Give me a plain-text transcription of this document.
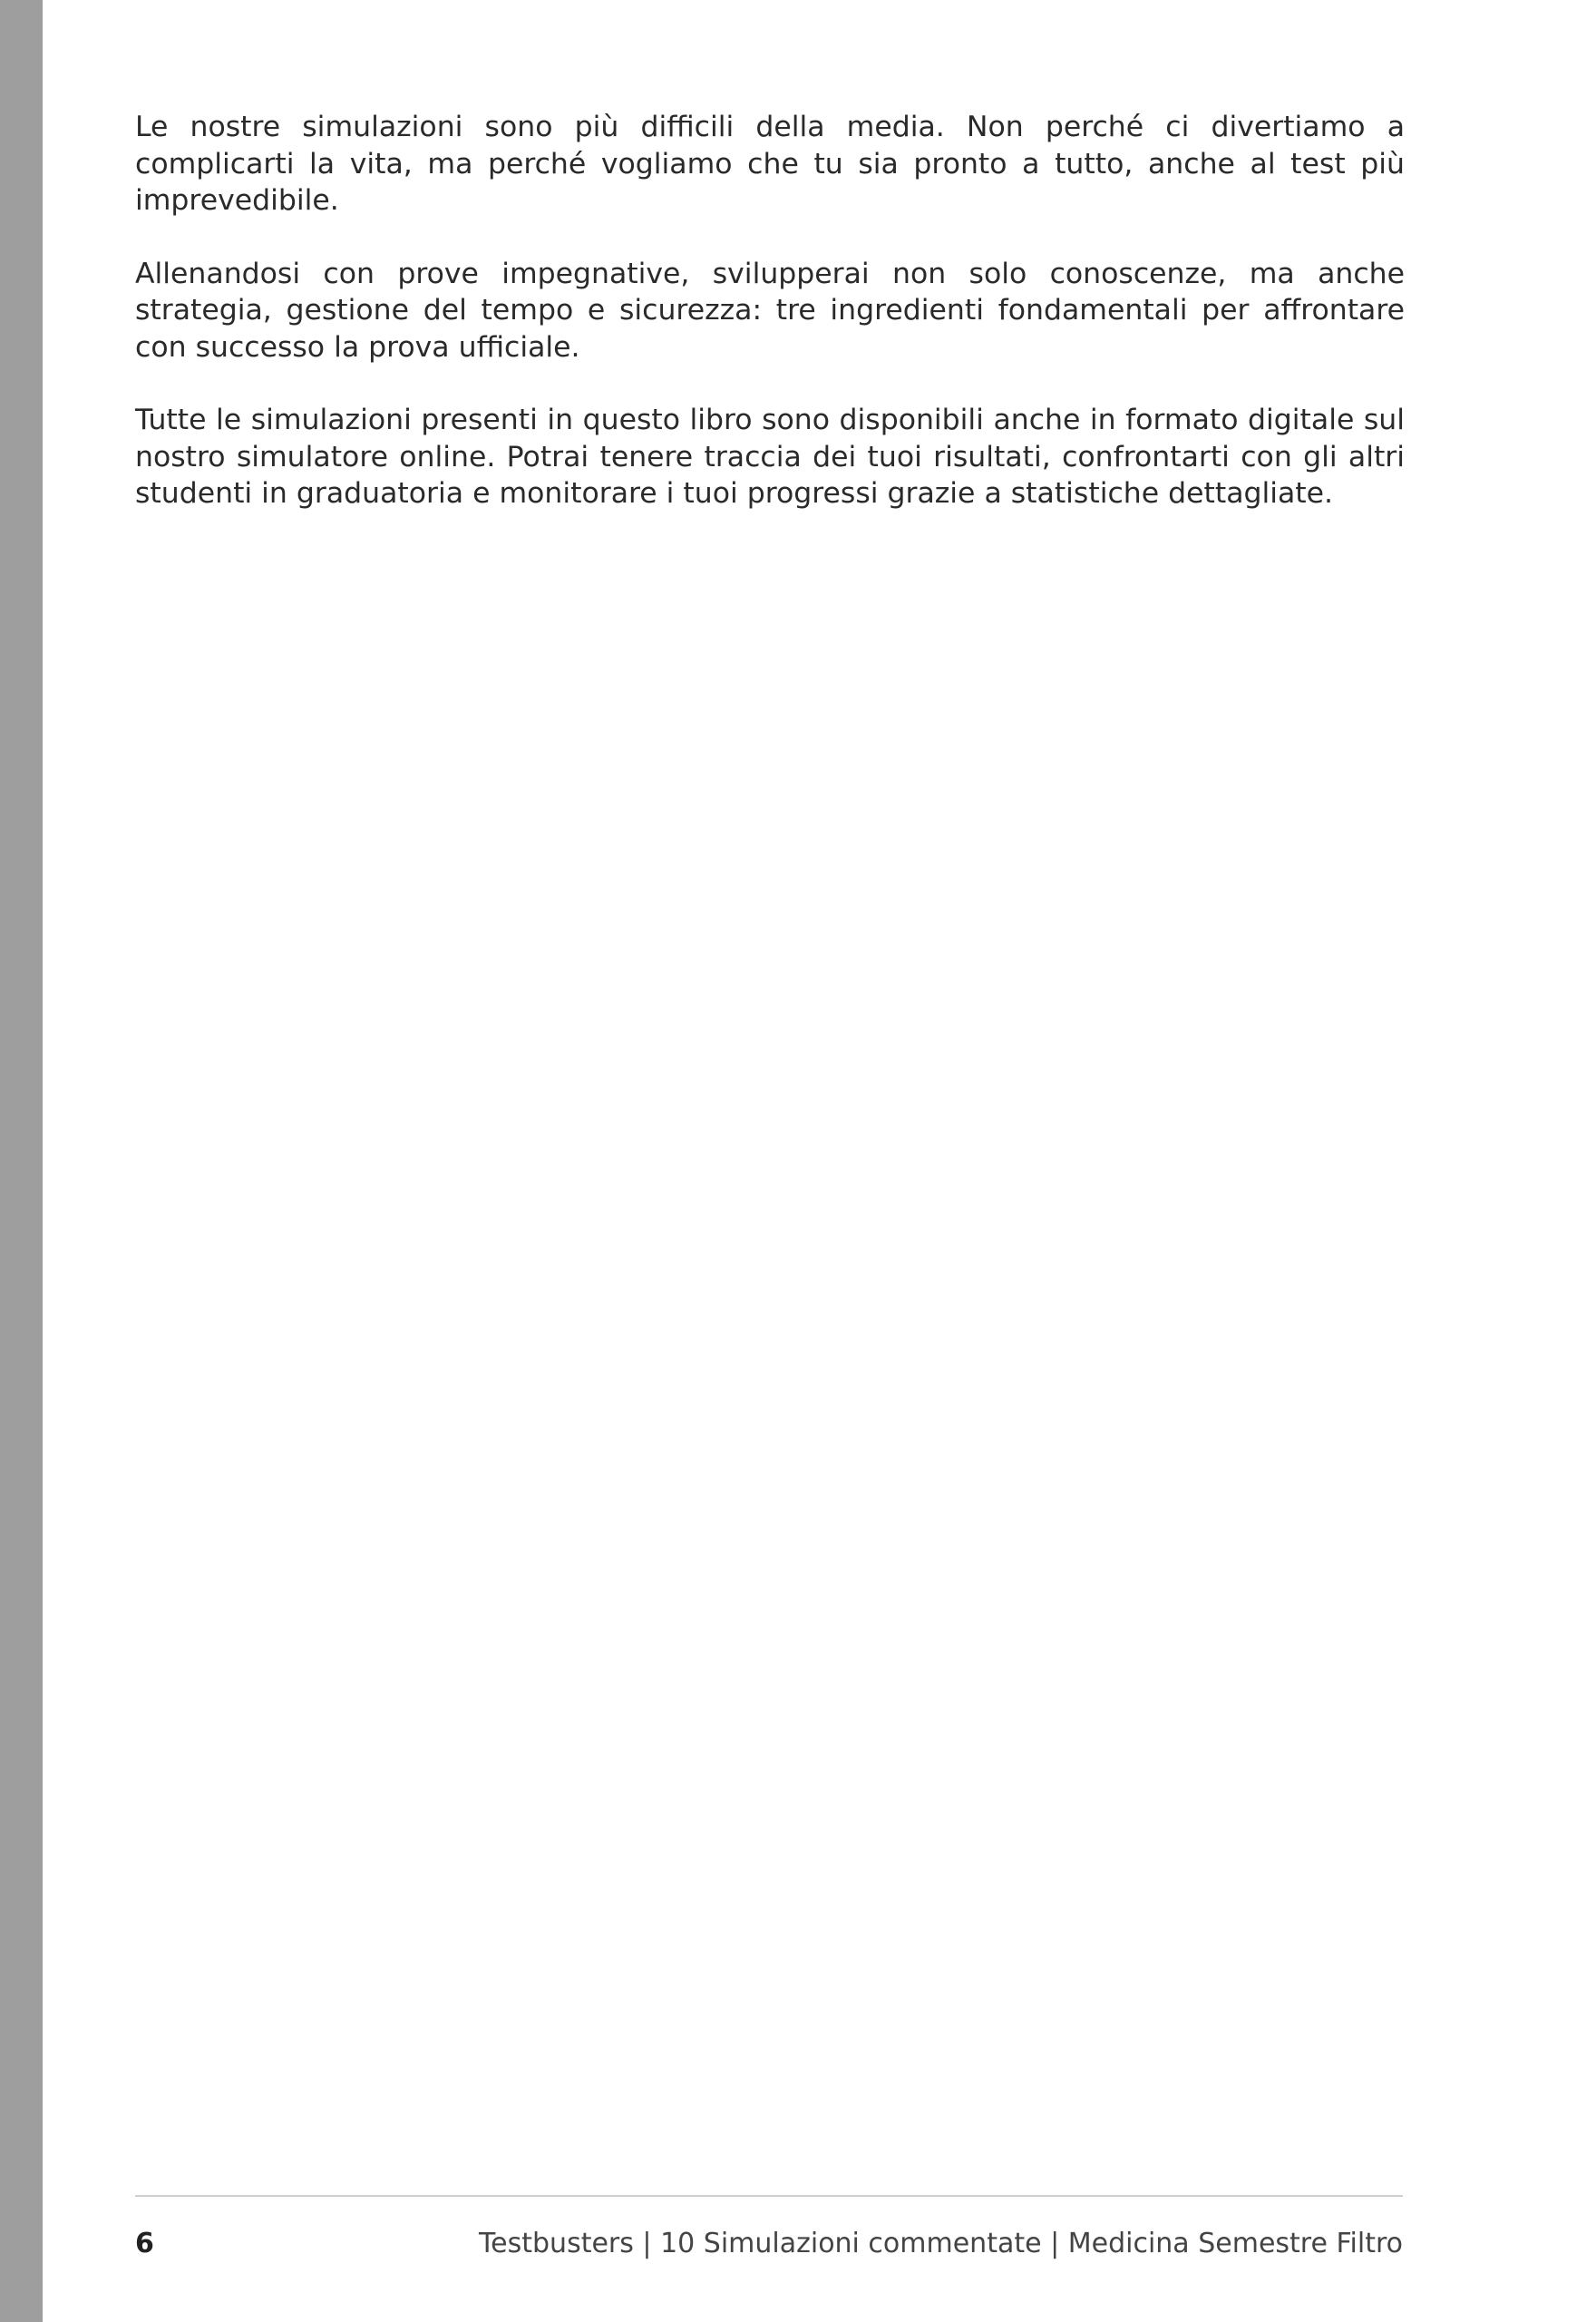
Le nostre simulazioni sono più difficili della media. Non perché ci divertiamo a complicarti la vita, ma perché vogliamo che tu sia pronto a tutto, anche al test più imprevedibile.

Allenandosi con prove impegnative, svilupperai non solo conoscenze, ma anche strategia, gestione del tempo e sicurezza: tre ingredienti fondamentali per affrontare con successo la prova ufficiale.

Tutte le simulazioni presenti in questo libro sono disponibili anche in formato digitale sul nostro simulatore online. Potrai tenere traccia dei tuoi risultati, confrontarti con gli altri studenti in graduatoria e monitorare i tuoi progressi grazie a statistiche dettagliate.

6	Testbusters | 10 Simulazioni commentate | Medicina Semestre Filtro
